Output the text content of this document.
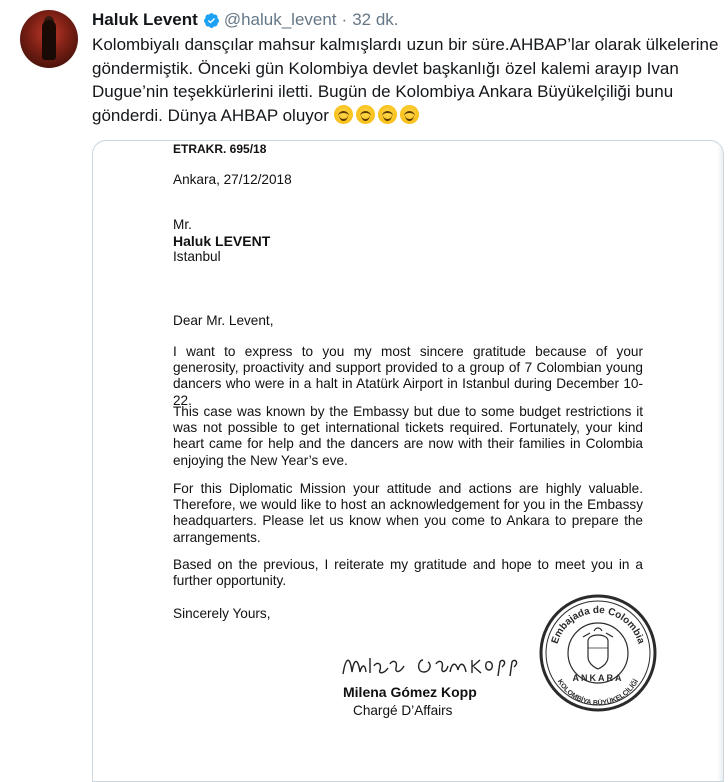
Haluk Levent @haluk_levent · 32 dk.
Kolombiyalı dansçılar mahsur kalmışlardı uzun bir süre.AHBAP’lar olarak ülkelerine göndermiştik. Önceki gün Kolombiya devlet başkanlığı özel kalemi arayıp Ivan Dugue’nin teşekkürlerini iletti. Bugün de Kolombiya Ankara Büyükelçiliği bunu gönderdi. Dünya AHBAP oluyor
ETRAKR. 695/18
Ankara, 27/12/2018
Mr.
Haluk LEVENT
Istanbul
Dear Mr. Levent,
I want to express to you my most sincere gratitude because of your generosity, proactivity and support provided to a group of 7 Colombian young dancers who were in a halt in Atatürk Airport in Istanbul during December 10-22.
This case was known by the Embassy but due to some budget restrictions it was not possible to get international tickets required. Fortunately, your kind heart came for help and the dancers are now with their families in Colombia enjoying the New Year’s eve.
For this Diplomatic Mission your attitude and actions are highly valuable. Therefore, we would like to host an acknowledgement for you in the Embassy headquarters. Please let us know when you come to Ankara to prepare the arrangements.
Based on the previous, I reiterate my gratitude and hope to meet you in a further opportunity.
Sincerely Yours,
Milena Gómez Kopp
Chargé D’Affairs
Embajada de Colombia
KOLOMBİYA BÜYÜKELÇİLİĞİ
ANKARA
